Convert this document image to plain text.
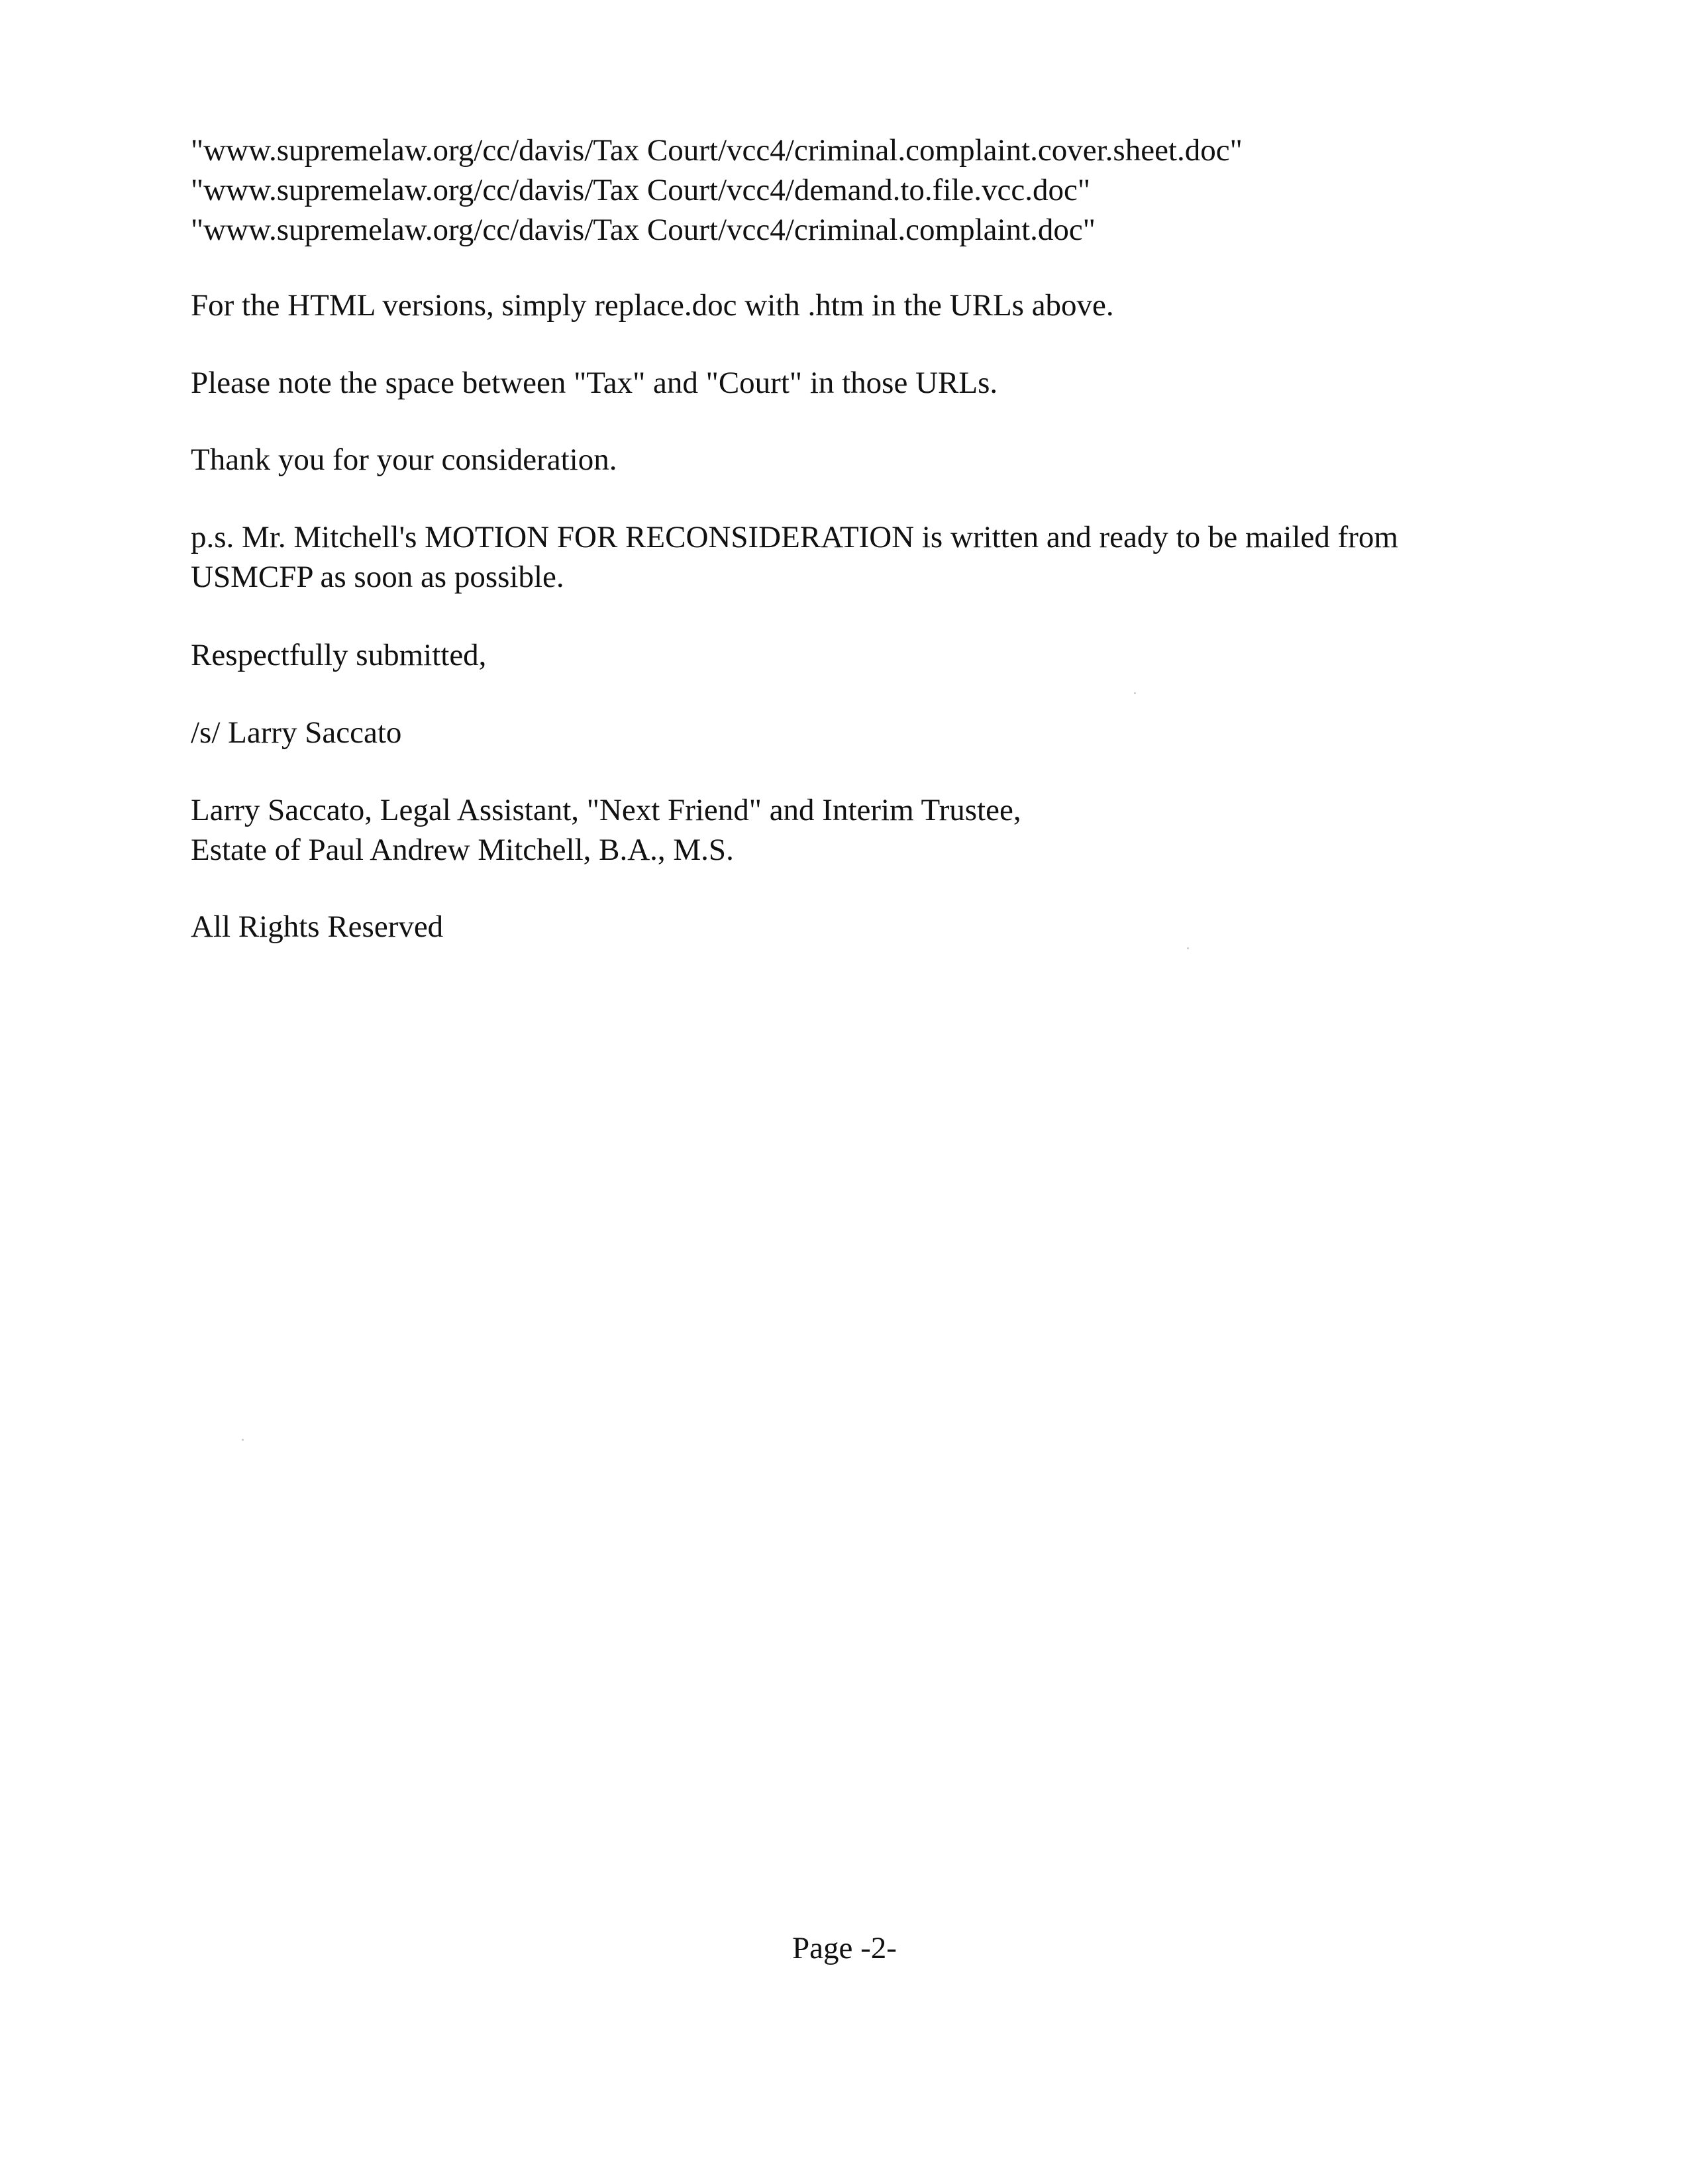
"www.supremelaw.org/cc/davis/Tax Court/vcc4/criminal.complaint.cover.sheet.doc"
"www.supremelaw.org/cc/davis/Tax Court/vcc4/demand.to.file.vcc.doc"
"www.supremelaw.org/cc/davis/Tax Court/vcc4/criminal.complaint.doc"
For the HTML versions, simply replace.doc with .htm in the URLs above.
Please note the space between "Tax" and "Court" in those URLs.
Thank you for your consideration.
p.s. Mr. Mitchell's MOTION FOR RECONSIDERATION is written and ready to be mailed from
USMCFP as soon as possible.
Respectfully submitted,
/s/ Larry Saccato
Larry Saccato, Legal Assistant, "Next Friend" and Interim Trustee,
Estate of Paul Andrew Mitchell, B.A., M.S.
All Rights Reserved
Page -2-
